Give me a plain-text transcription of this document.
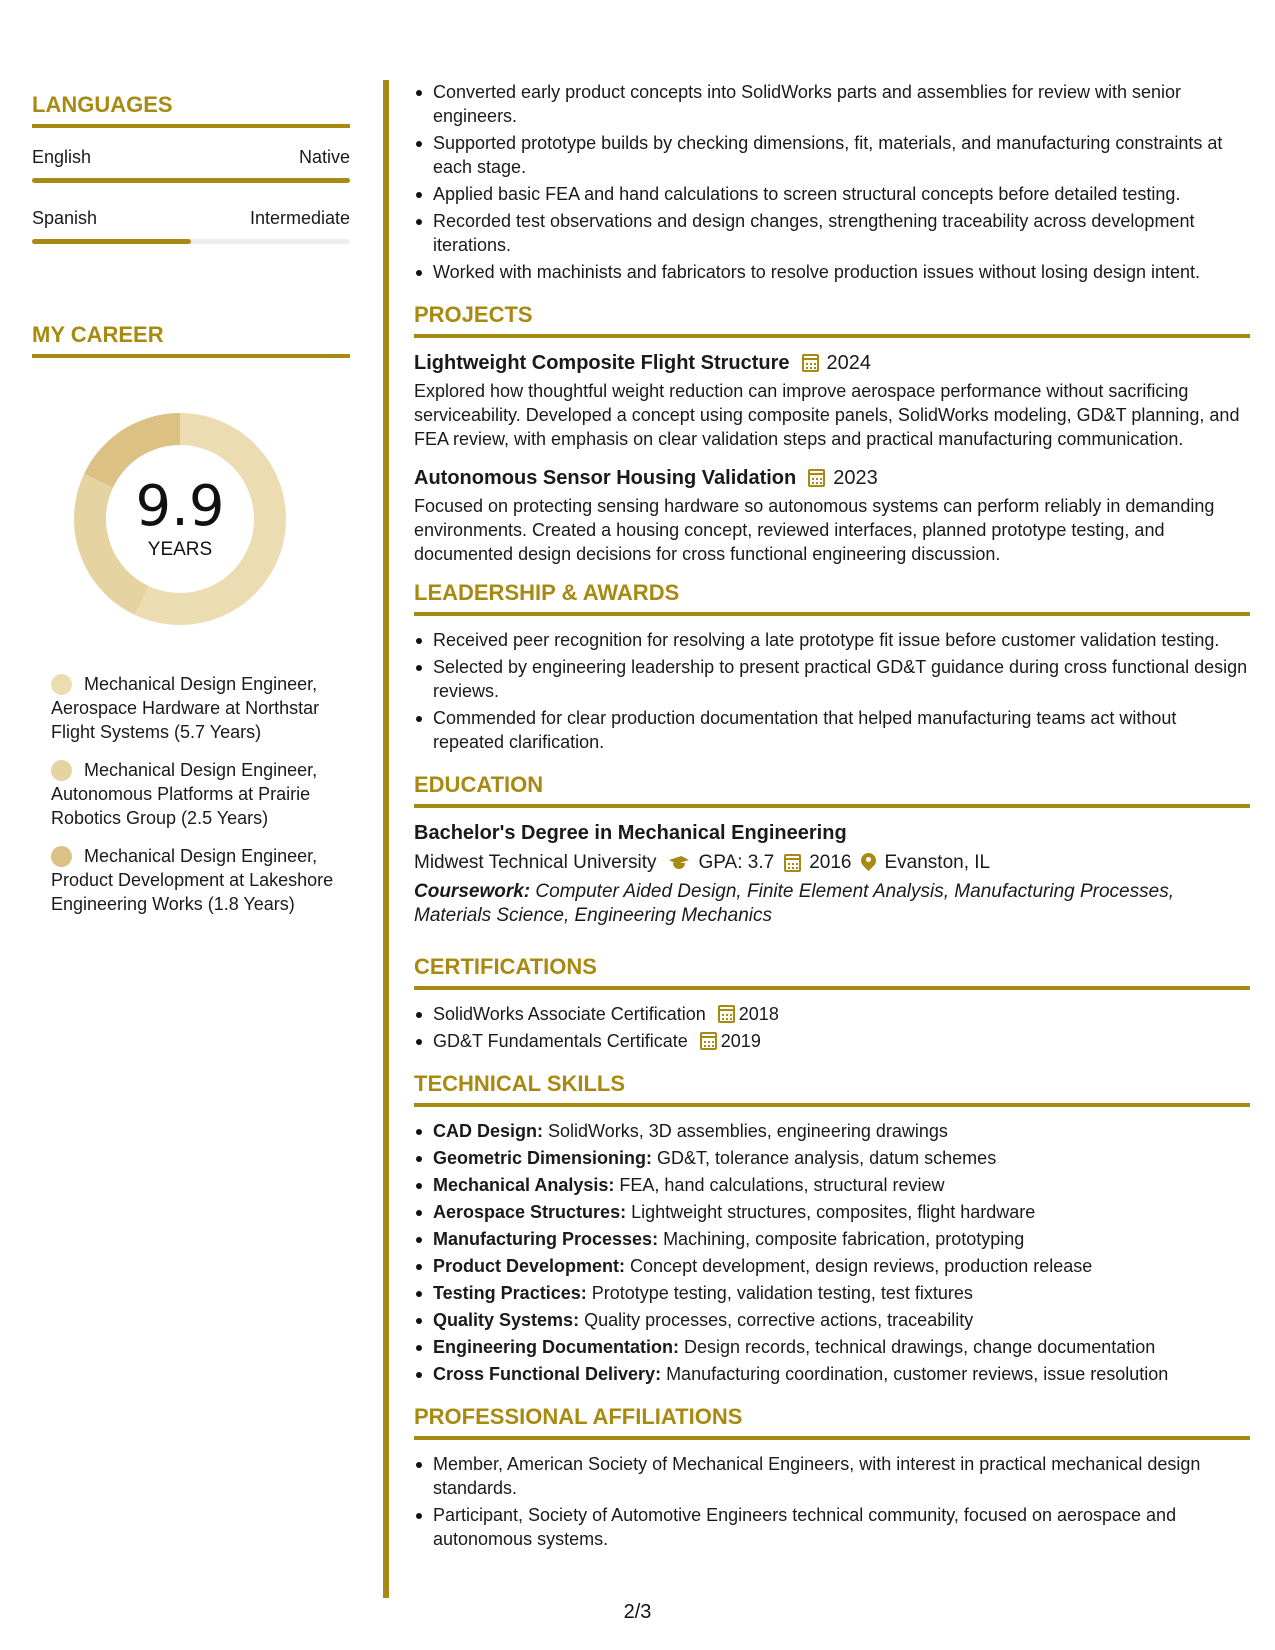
LANGUAGES
English	Native
Spanish	Intermediate
MY CAREER
9.9
YEARS
Mechanical Design Engineer, Aerospace Hardware at Northstar Flight Systems (5.7 Years)
Mechanical Design Engineer, Autonomous Platforms at Prairie Robotics Group (2.5 Years)
Mechanical Design Engineer, Product Development at Lakeshore Engineering Works (1.8 Years)
Converted early product concepts into SolidWorks parts and assemblies for review with senior engineers.
Supported prototype builds by checking dimensions, fit, materials, and manufacturing constraints at each stage.
Applied basic FEA and hand calculations to screen structural concepts before detailed testing.
Recorded test observations and design changes, strengthening traceability across development iterations.
Worked with machinists and fabricators to resolve production issues without losing design intent.
PROJECTS
Lightweight Composite Flight Structure 2024
Explored how thoughtful weight reduction can improve aerospace performance without sacrificing serviceability. Developed a concept using composite panels, SolidWorks modeling, GD&T planning, and FEA review, with emphasis on clear validation steps and practical manufacturing communication.
Autonomous Sensor Housing Validation 2023
Focused on protecting sensing hardware so autonomous systems can perform reliably in demanding environments. Created a housing concept, reviewed interfaces, planned prototype testing, and documented design decisions for cross functional engineering discussion.
LEADERSHIP & AWARDS
Received peer recognition for resolving a late prototype fit issue before customer validation testing.
Selected by engineering leadership to present practical GD&T guidance during cross functional design reviews.
Commended for clear production documentation that helped manufacturing teams act without repeated clarification.
EDUCATION
Bachelor's Degree in Mechanical Engineering
Midwest Technical University GPA: 3.7 2016 Evanston, IL
Coursework: Computer Aided Design, Finite Element Analysis, Manufacturing Processes, Materials Science, Engineering Mechanics
CERTIFICATIONS
SolidWorks Associate Certification 2018
GD&T Fundamentals Certificate 2019
TECHNICAL SKILLS
CAD Design: SolidWorks, 3D assemblies, engineering drawings
Geometric Dimensioning: GD&T, tolerance analysis, datum schemes
Mechanical Analysis: FEA, hand calculations, structural review
Aerospace Structures: Lightweight structures, composites, flight hardware
Manufacturing Processes: Machining, composite fabrication, prototyping
Product Development: Concept development, design reviews, production release
Testing Practices: Prototype testing, validation testing, test fixtures
Quality Systems: Quality processes, corrective actions, traceability
Engineering Documentation: Design records, technical drawings, change documentation
Cross Functional Delivery: Manufacturing coordination, customer reviews, issue resolution
PROFESSIONAL AFFILIATIONS
Member, American Society of Mechanical Engineers, with interest in practical mechanical design standards.
Participant, Society of Automotive Engineers technical community, focused on aerospace and autonomous systems.
2/3
